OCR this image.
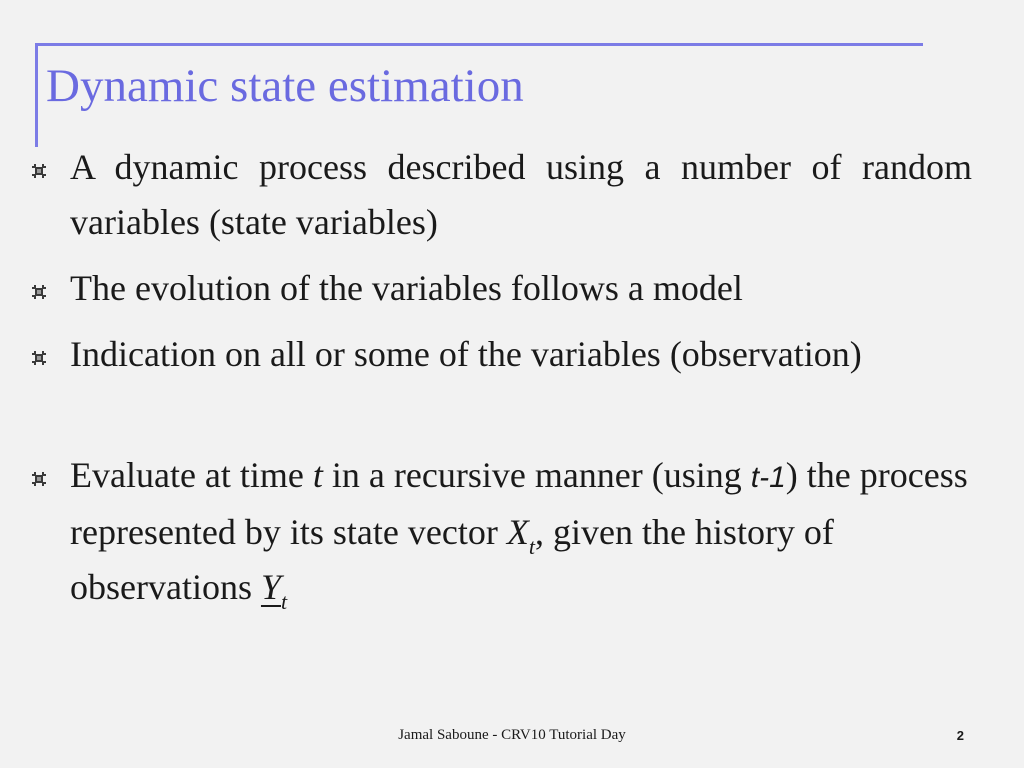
Dynamic state estimation
A dynamic process described using a number of random variables (state variables)
The evolution of the variables follows a model
Indication on all or some of the variables (observation)
Evaluate at time t in a recursive manner (using t-1) the process represented by its state vector $X_t$, given the history of observations $Y_t$
Jamal Saboune - CRV10 Tutorial Day	2
